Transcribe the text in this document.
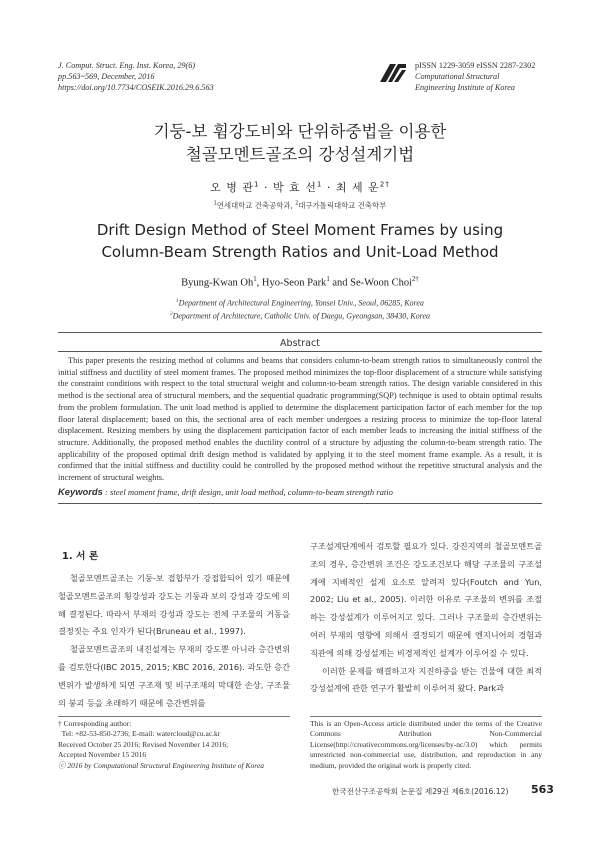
J. Comput. Struct. Eng. Inst. Korea, 29(6)
pp.563~569, December, 2016
https://doi.org/10.7734/COSEIK.2016.29.6.563
pISSN 1229-3059 eISSN 2287-2302
Computational Structural
Engineering Institute of Korea
기둥-보 휨강도비와 단위하중법을 이용한
철골모멘트골조의 강성설계기법
오 병 관$^1$ · 박 효 선$^1$ · 최 세 운$^{2\dagger}$
$^1$연세대학교 건축공학과, $^2$대구가톨릭대학교 건축학부
Drift Design Method of Steel Moment Frames by using
Column-Beam Strength Ratios and Unit-Load Method
Byung-Kwan Oh$^1$, Hyo-Seon Park$^1$ and Se-Woon Choi$^{2\dagger}$
$^1$Department of Architectural Engineering, Yonsei Univ., Seoul, 06285, Korea
$^2$Department of Architecture, Catholic Univ. of Daegu, Gyeongsan, 38430, Korea
Abstract
This paper presents the resizing method of columns and beams that considers column-to-beam strength ratios to simultaneously control the initial stiffness and ductility of steel moment frames. The proposed method minimizes the top-floor displacement of a structure while satisfying the constraint conditions with respect to the total structural weight and column-to-beam strength ratios. The design variable considered in this method is the sectional area of structural members, and the sequential quadratic programming(SQP) technique is used to obtain optimal results from the problem formulation. The unit load method is applied to determine the displacement participation factor of each member for the top floor lateral displacement; based on this, the sectional area of each member undergoes a resizing process to minimize the top-floor lateral displacement. Resizing members by using the displacement participation factor of each member leads to increasing the initial stiffness of the structure. Additionally, the proposed method enables the ductility control of a structure by adjusting the column-to-beam strength ratio. The applicability of the proposed optimal drift design method is validated by applying it to the steel moment frame example. As a result, it is confirmed that the initial stiffness and ductility could be controlled by the proposed method without the repetitive structural analysis and the increment of structural weights.
Keywords : steel moment frame, drift design, unit load method, column-to-beam strength ratio
1. 서 론

철골모멘트골조는 기둥-보 접합부가 강접합되어 있기 때문에 철골모멘트골조의 횡강성과 강도는 기둥과 보의 강성과 강도에 의해 결정된다. 따라서 부재의 강성과 강도는 전체 구조물의 거동을 결정짓는 주요 인자가 된다(Bruneau et al., 1997).

철골모멘트골조의 내진설계는 부재의 강도뿐 아니라 층간변위를 검토한다(IBC 2015, 2015; KBC 2016, 2016). 과도한 층간변위가 발생하게 되면 구조재 및 비구조재의 막대한 손상, 구조물의 붕괴 등을 초래하기 때문에 층간변위를

구조설계단계에서 검토할 필요가 있다. 강진지역의 철골모멘트골조의 경우, 층간변위 조건은 강도조건보다 해당 구조물의 구조설계에 지배적인 설계 요소로 알려져 있다(Foutch and Yun, 2002; Liu et al., 2005). 이러한 이유로 구조물의 변위를 조절하는 강성설계가 이루어지고 있다. 그러나 구조물의 층간변위는 여러 부재의 영향에 의해서 결정되기 때문에 엔지니어의 경험과 직관에 의해 강성설계는 비경제적인 설계가 이루어질 수 있다.

이러한 문제를 해결하고자 지진하중을 받는 건물에 대한 최적강성설계에 관한 연구가 활발히 이루어져 왔다. Park과

† Corresponding author:
Tel: +82-53-850-2736; E-mail: watercloud@cu.ac.kr
Received October 25 2016; Revised November 14 2016;
Accepted November 15 2016
ⓒ 2016 by Computational Structural Engineering Institute of Korea
This is an Open-Access article distributed under the terms of the Creative Commons Attribution Non-Commercial License(http://creativecommons.org/licenses/by-nc/3.0) which permits unrestricted non-commercial use, distribution, and reproduction in any medium, provided the original work is properly cited.
한국전산구조공학회 논문집 제29권 제6호(2016.12) 563
